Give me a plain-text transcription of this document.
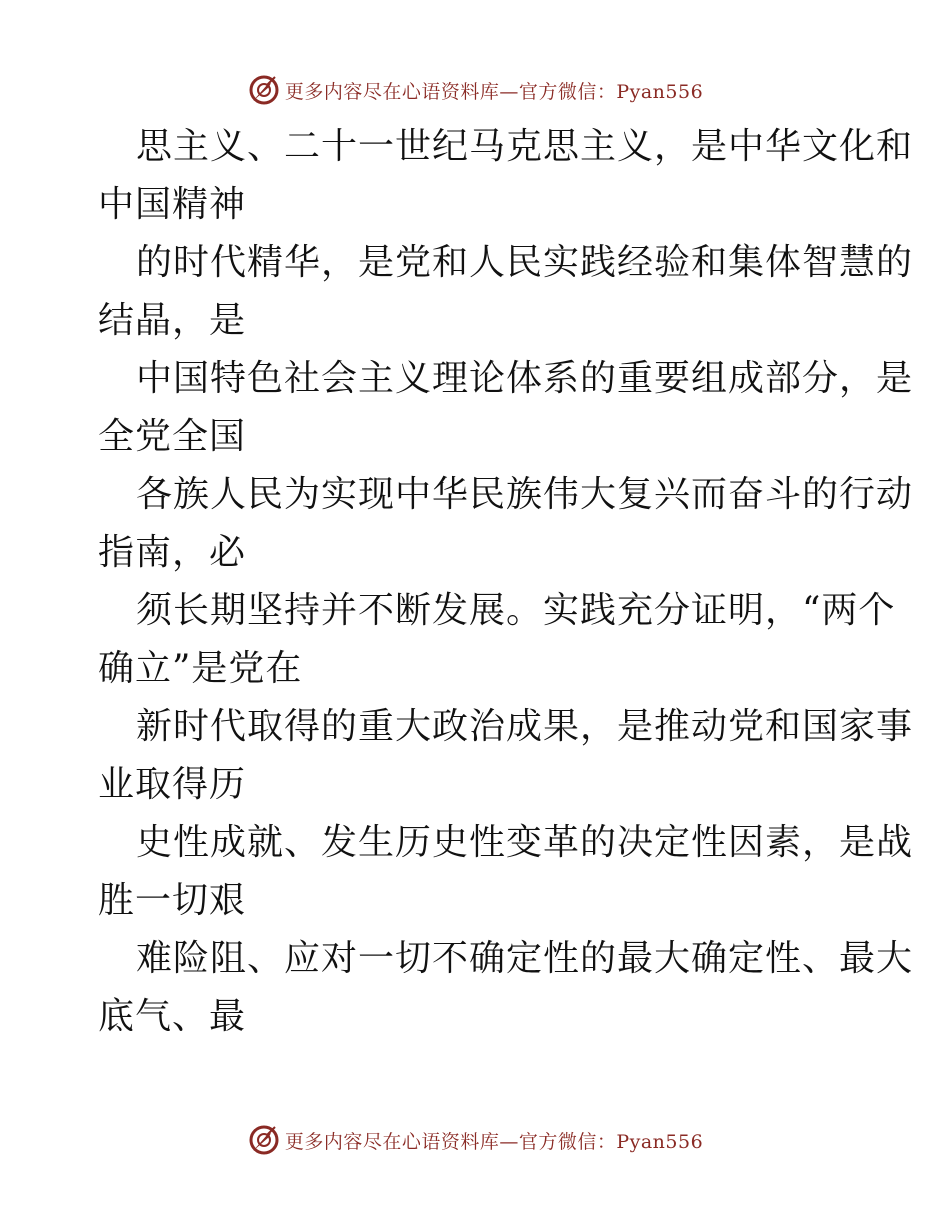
更多内容尽在心语资料库—官方微信：Pyan556
思主义、二十一世纪马克思主义，是中华文化和
中国精神
的时代精华，是党和人民实践经验和集体智慧的
结晶，是
中国特色社会主义理论体系的重要组成部分，是
全党全国
各族人民为实现中华民族伟大复兴而奋斗的行动
指南，必
须长期坚持并不断发展。实践充分证明，“两个
确立”是党在
新时代取得的重大政治成果，是推动党和国家事
业取得历
史性成就、发生历史性变革的决定性因素，是战
胜一切艰
难险阻、应对一切不确定性的最大确定性、最大
底气、最
更多内容尽在心语资料库—官方微信：Pyan556
